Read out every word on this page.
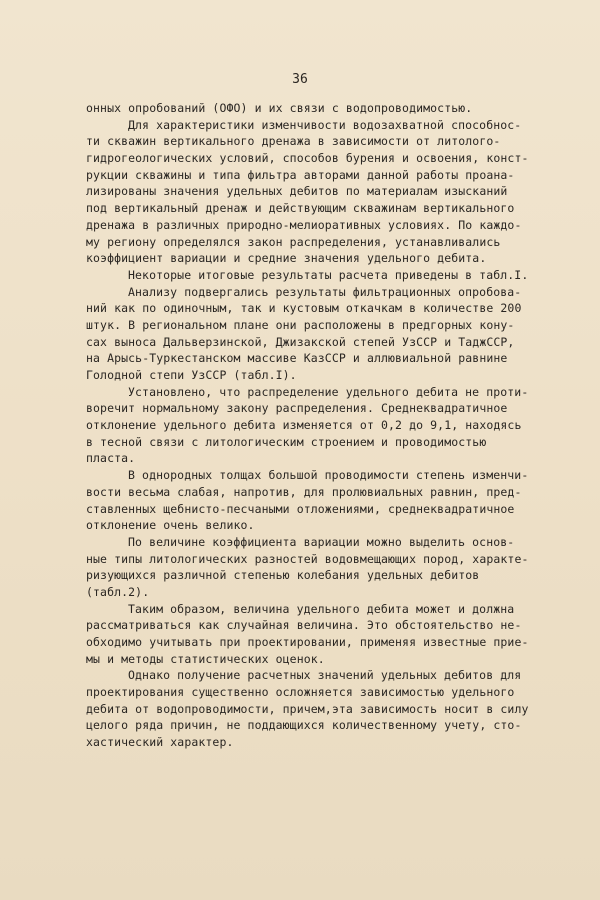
36
онных опробований (ОФО) и их связи с водопроводимостью.
Для характеристики изменчивости водозахватной способнос-
ти скважин вертикального дренажа в зависимости от литолого-
гидрогеологических условий, способов бурения и освоения, конст-
рукции скважины и типа фильтра авторами данной работы проана-
лизированы значения удельных дебитов по материалам изысканий
под вертикальный дренаж и действующим скважинам вертикального
дренажа в различных природно-мелиоративных условиях. По каждо-
му региону определялся закон распределения, устанавливались
коэффициент вариации и средние значения удельного дебита.
Некоторые итоговые результаты расчета приведены в табл.I.
Анализу подвергались результаты фильтрационных опробова-
ний как по одиночным, так и кустовым откачкам в количестве 200
штук. В региональном плане они расположены в предгорных кону-
сах выноса Дальверзинской, Джизакской степей УзССР и ТаджССР,
на Арысь-Туркестанском массиве КазССР и аллювиальной равнине
Голодной степи УзССР (табл.I).
Установлено, что распределение удельного дебита не проти-
воречит нормальному закону распределения. Среднеквадратичное
отклонение удельного дебита изменяется от 0,2 до 9,1, находясь
в тесной связи с литологическим строением и проводимостью
пласта.
В однородных толщах большой проводимости степень изменчи-
вости весьма слабая, напротив, для пролювиальных равнин, пред-
ставленных щебнисто-песчаными отложениями, среднеквадратичное
отклонение очень велико.
По величине коэффициента вариации можно выделить основ-
ные типы литологических разностей водовмещающих пород, характе-
ризующихся различной степенью колебания удельных дебитов
(табл.2).
Таким образом, величина удельного дебита может и должна
рассматриваться как случайная величина. Это обстоятельство не-
обходимо учитывать при проектировании, применяя известные прие-
мы и методы статистических оценок.
Однако получение расчетных значений удельных дебитов для
проектирования существенно осложняется зависимостью удельного
дебита от водопроводимости, причем,эта зависимость носит в силу
целого ряда причин, не поддающихся количественному учету, сто-
хастический характер.
